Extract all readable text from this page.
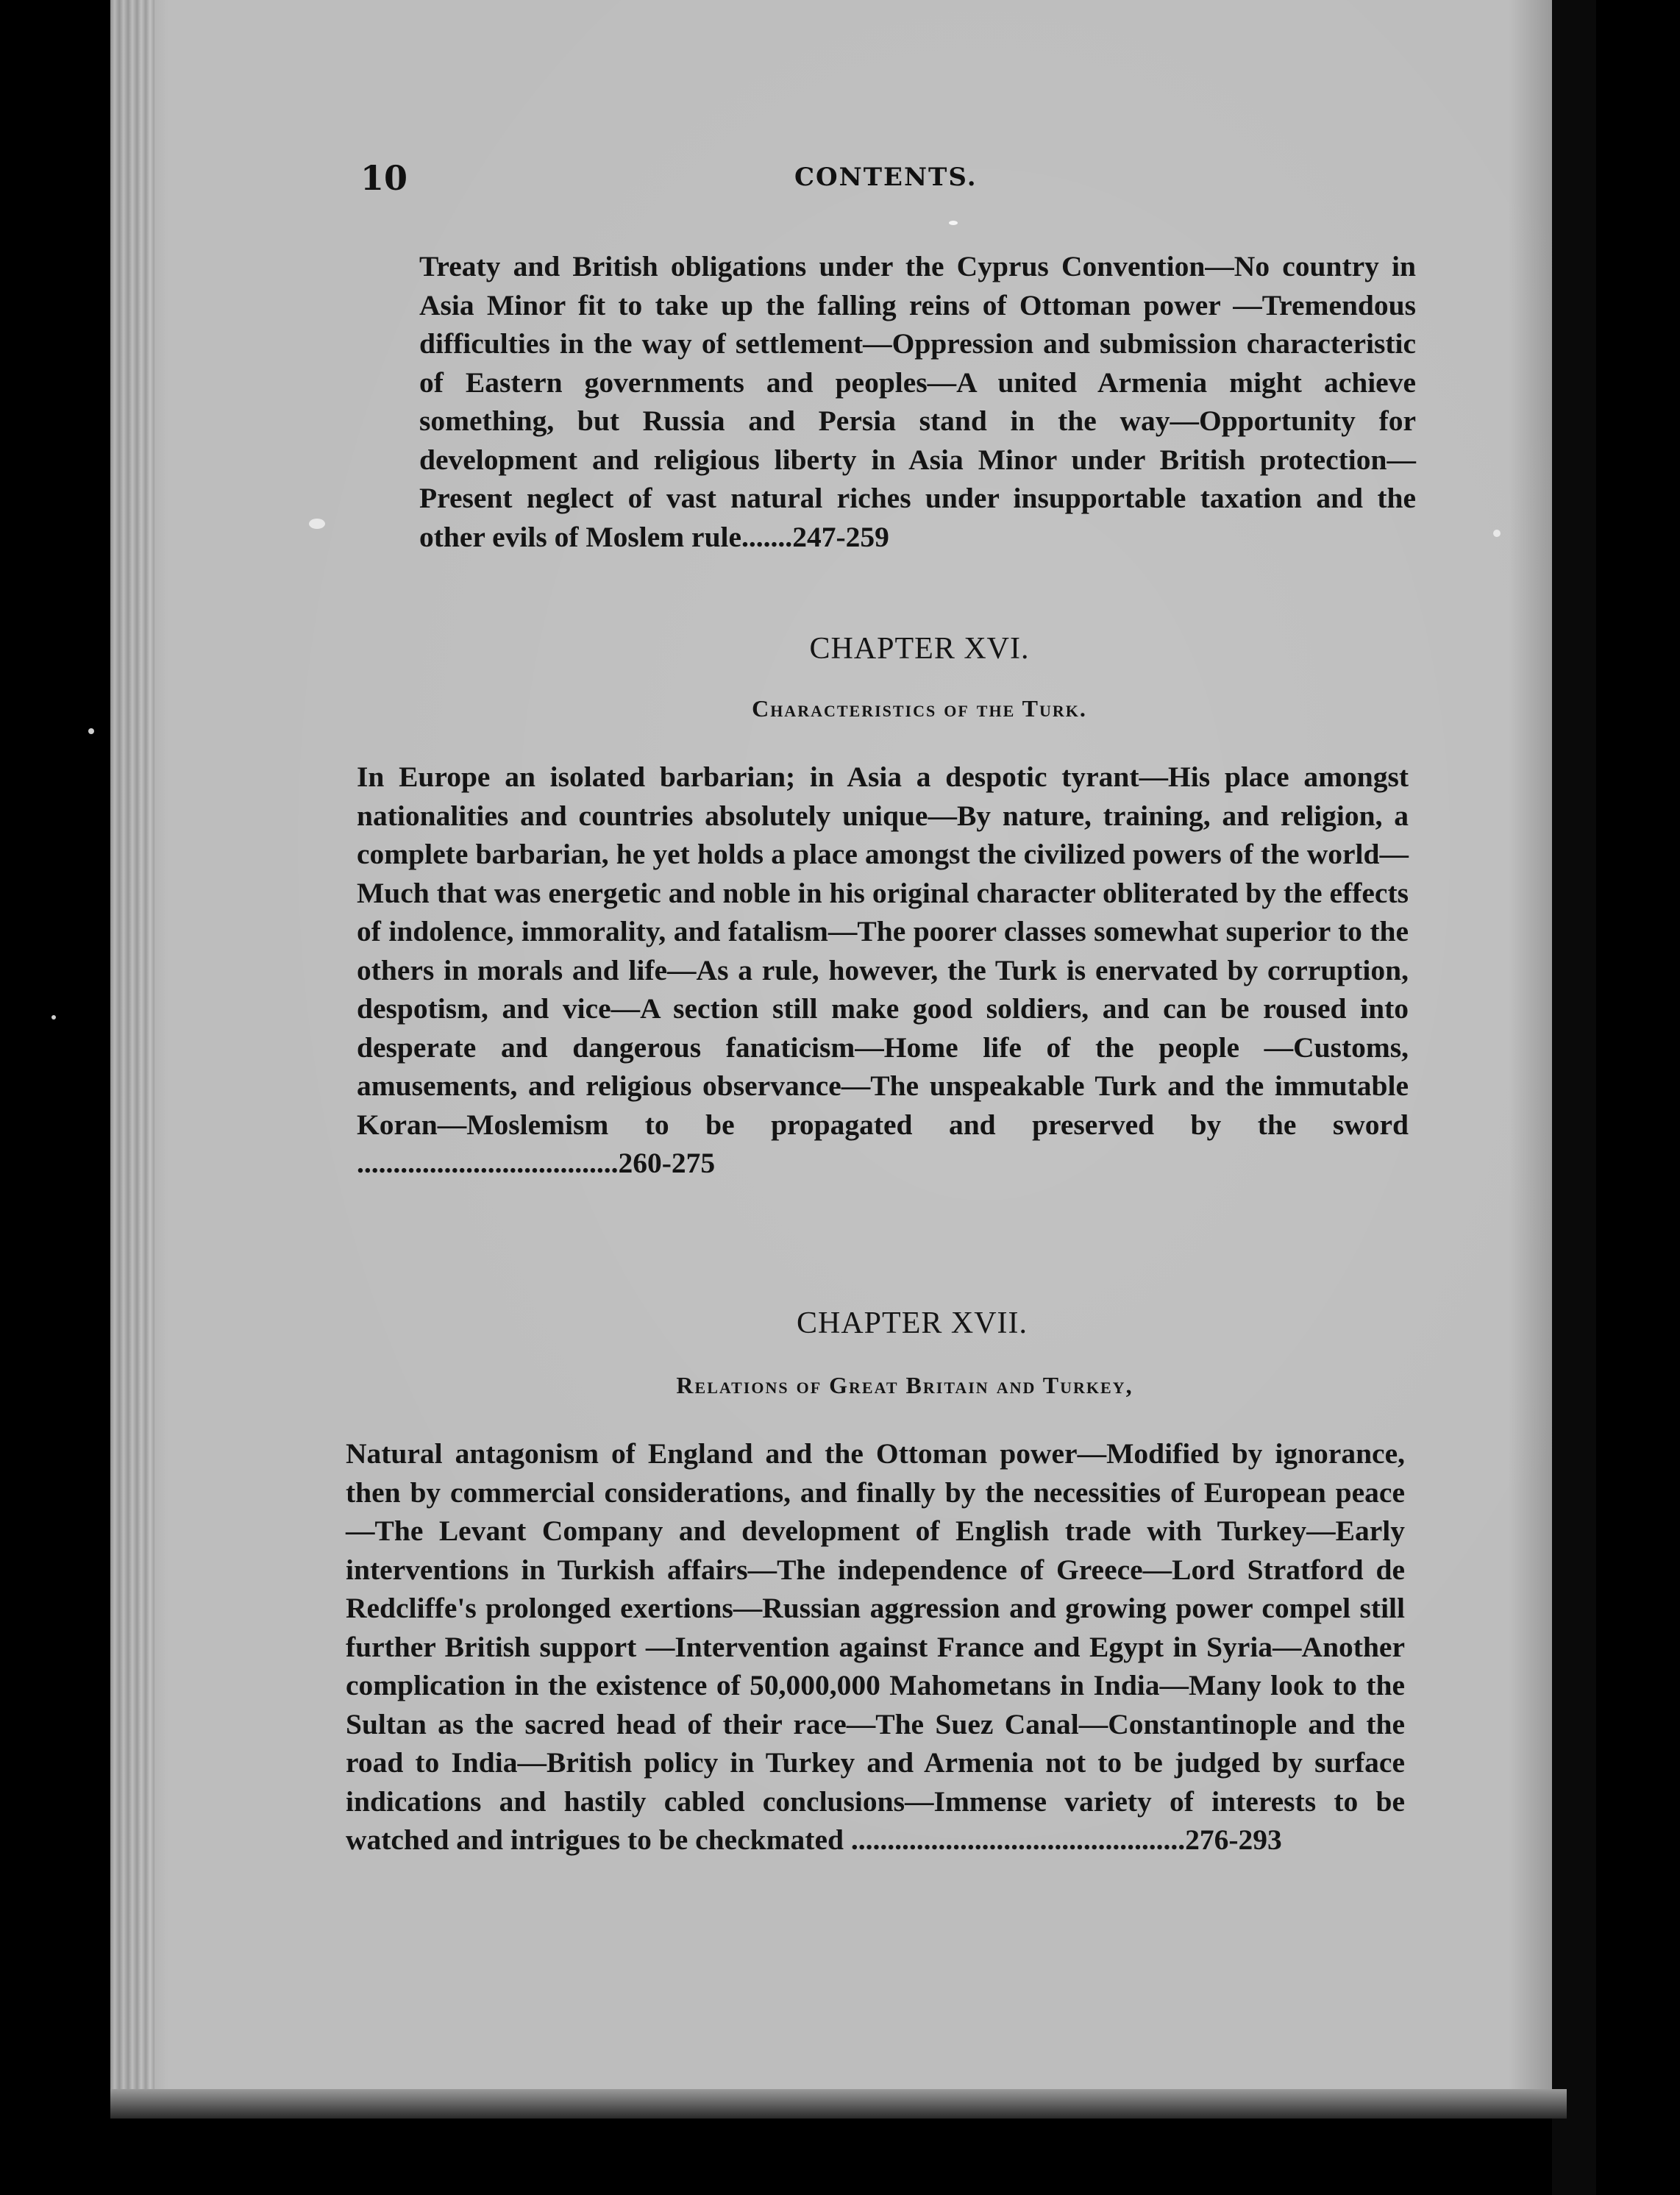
10	CONTENTS.
Treaty and British obligations under the Cyprus Convention—No country in Asia Minor fit to take up the falling reins of Ottoman power —Tremendous difficulties in the way of settlement—Oppression and submission characteristic of Eastern governments and peoples—A united Armenia might achieve something, but Russia and Persia stand in the way—Opportunity for development and religious liberty in Asia Minor under British protection—Present neglect of vast natural riches under insupportable taxation and the other evils of Moslem rule.......247-259
CHAPTER XVI.
Characteristics of the Turk.
In Europe an isolated barbarian; in Asia a despotic tyrant—His place amongst nationalities and countries absolutely unique—By nature, training, and religion, a complete barbarian, he yet holds a place amongst the civilized powers of the world—Much that was energetic and noble in his original character obliterated by the effects of indolence, immorality, and fatalism—The poorer classes somewhat superior to the others in morals and life—As a rule, however, the Turk is enervated by corruption, despotism, and vice—A section still make good soldiers, and can be roused into desperate and dangerous fanaticism—Home life of the people —Customs, amusements, and religious observance—The unspeakable Turk and the immutable Koran—Moslemism to be propagated and preserved by the sword ....................................260-275
CHAPTER XVII.
Relations of Great Britain and Turkey,
Natural antagonism of England and the Ottoman power—Modified by ignorance, then by commercial considerations, and finally by the necessities of European peace—The Levant Company and development of English trade with Turkey—Early interventions in Turkish affairs—The independence of Greece—Lord Stratford de Redcliffe's prolonged exertions—Russian aggression and growing power compel still further British support —Intervention against France and Egypt in Syria—Another complication in the existence of 50,000,000 Mahometans in India—Many look to the Sultan as the sacred head of their race—The Suez Canal—Constantinople and the road to India—British policy in Turkey and Armenia not to be judged by surface indications and hastily cabled conclusions—Immense variety of interests to be watched and intrigues to be checkmated ..............................................276-293
